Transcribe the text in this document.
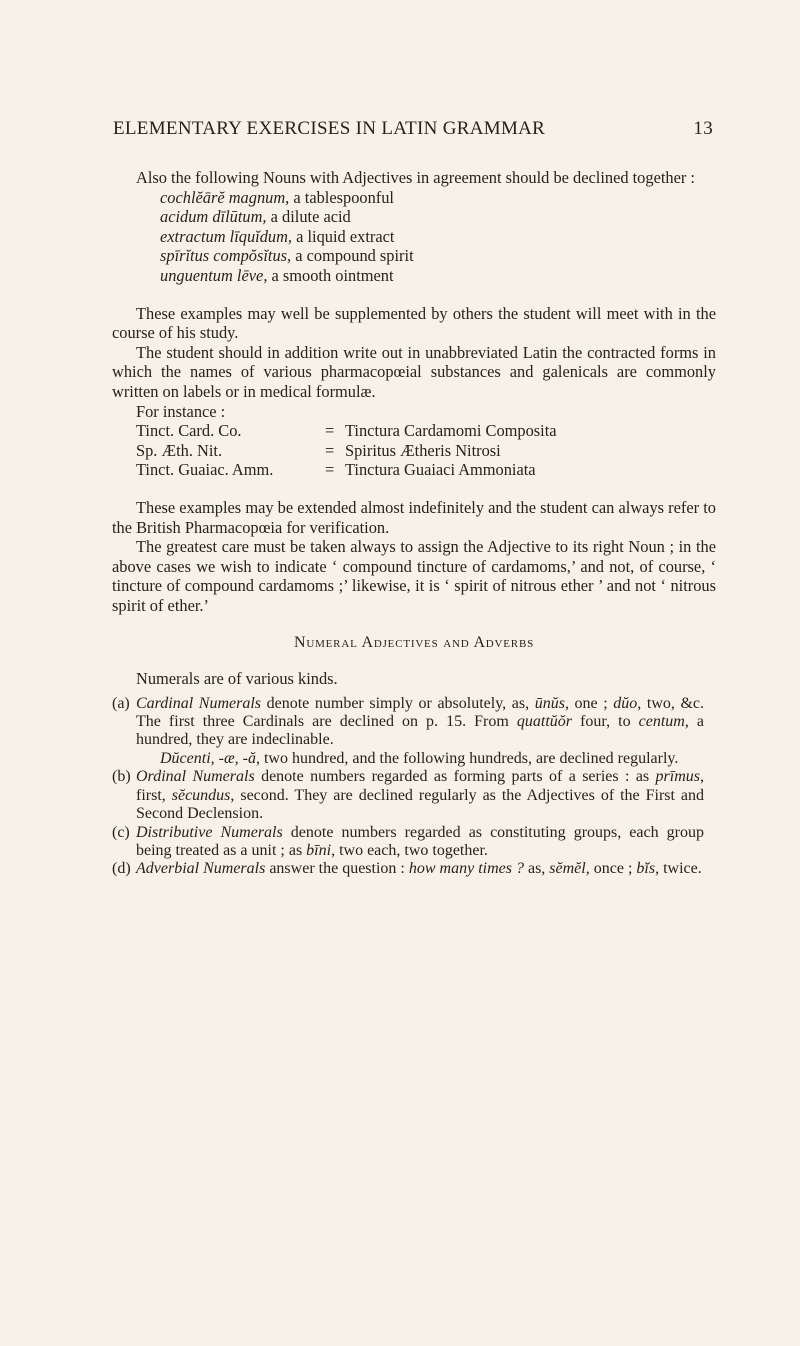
ELEMENTARY EXERCISES IN LATIN GRAMMAR	13

Also the following Nouns with Adjectives in agreement should be declined together :

cochlĕārĕ magnum, a tablespoonful
acidum dīlūtum, a dilute acid
extractum līquĭdum, a liquid extract
spīrĭtus compŏsĭtus, a compound spirit
unguentum lēve, a smooth ointment

These examples may well be supplemented by others the student will meet with in the course of his study.

The student should in addition write out in unabbreviated Latin the contracted forms in which the names of various pharmacopœial substances and galenicals are commonly written on labels or in medical formulæ.

For instance :

Tinct. Card. Co.	=	Tinctura Cardamomi Composita
Sp. Æth. Nit.	=	Spiritus Ætheris Nitrosi
Tinct. Guaiac. Amm.	=	Tinctura Guaiaci Ammoniata

These examples may be extended almost indefinitely and the student can always refer to the British Pharmacopœia for verification.

The greatest care must be taken always to assign the Adjective to its right Noun ; in the above cases we wish to indicate ‘ compound tincture of cardamoms,’ and not, of course, ‘ tincture of compound cardamoms ;’ likewise, it is ‘ spirit of nitrous ether ’ and not ‘ nitrous spirit of ether.’

Numeral Adjectives and Adverbs

Numerals are of various kinds.

(a) Cardinal Numerals denote number simply or absolutely, as, ūnŭs, one ; dŭo, two, &c. The first three Cardinals are declined on p. 15. From quattŭŏr four, to centum, a hundred, they are indeclinable.

Dŭcenti, -æ, -ă, two hundred, and the following hundreds, are declined regularly.

(b) Ordinal Numerals denote numbers regarded as forming parts of a series : as prīmus, first, sĕcundus, second. They are declined regularly as the Adjectives of the First and Second Declension.

(c) Distributive Numerals denote numbers regarded as constituting groups, each group being treated as a unit ; as bīni, two each, two together.

(d) Adverbial Numerals answer the question : how many times ? as, sĕmĕl, once ; bĭs, twice.
